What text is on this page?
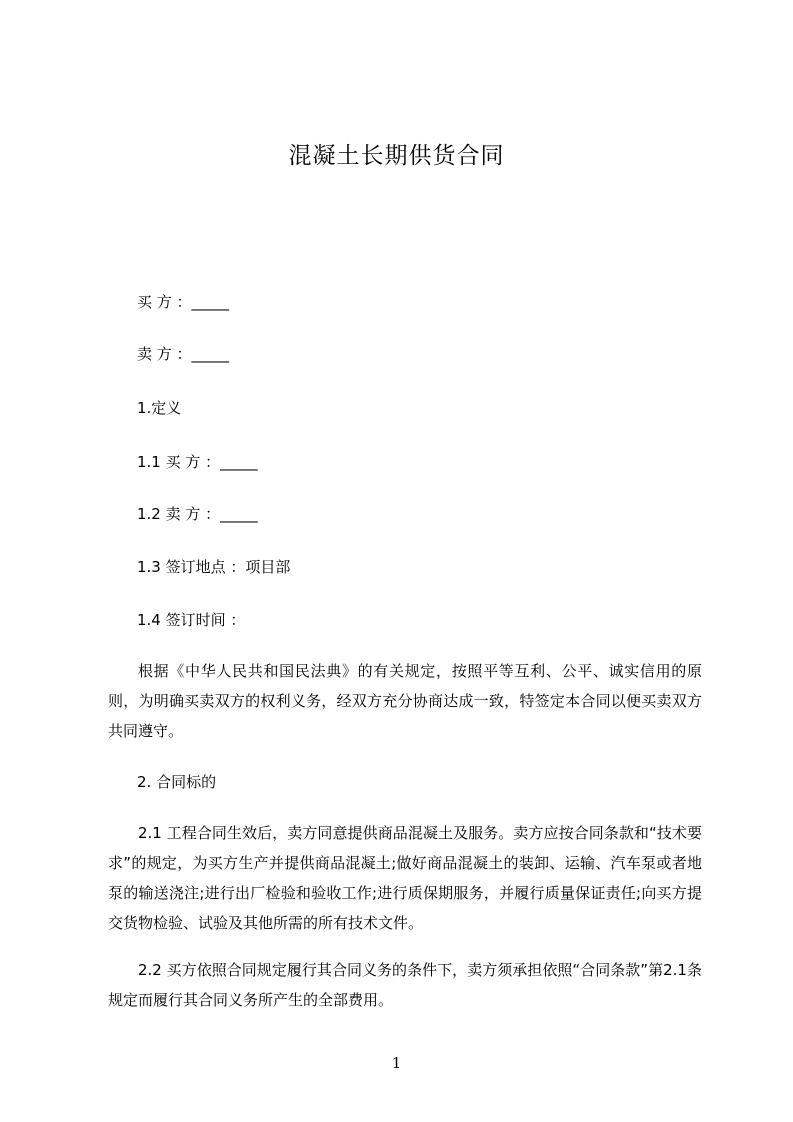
混凝土长期供货合同
买 方 ：_____
卖 方 ：_____
1.定义
1.1 买 方 ：_____
1.2 卖 方 ：_____
1.3 签订地点 ：项目部
1.4 签订时间 ：
根据《中华人民共和国民法典》的有关规定，按照平等互利、公平、诚实信用的原则，为明确买卖双方的权利义务，经双方充分协商达成一致，特签定本合同以便买卖双方共同遵守。
2. 合同标的
2.1 工程合同生效后，卖方同意提供商品混凝土及服务。卖方应按合同条款和“技术要求”的规定，为买方生产并提供商品混凝土;做好商品混凝土的装卸、运输、汽车泵或者地泵的输送浇注;进行出厂检验和验收工作;进行质保期服务，并履行质量保证责任;向买方提交货物检验、试验及其他所需的所有技术文件。
2.2 买方依照合同规定履行其合同义务的条件下，卖方须承担依照“合同条款”第2.1条规定而履行其合同义务所产生的全部费用。
1
